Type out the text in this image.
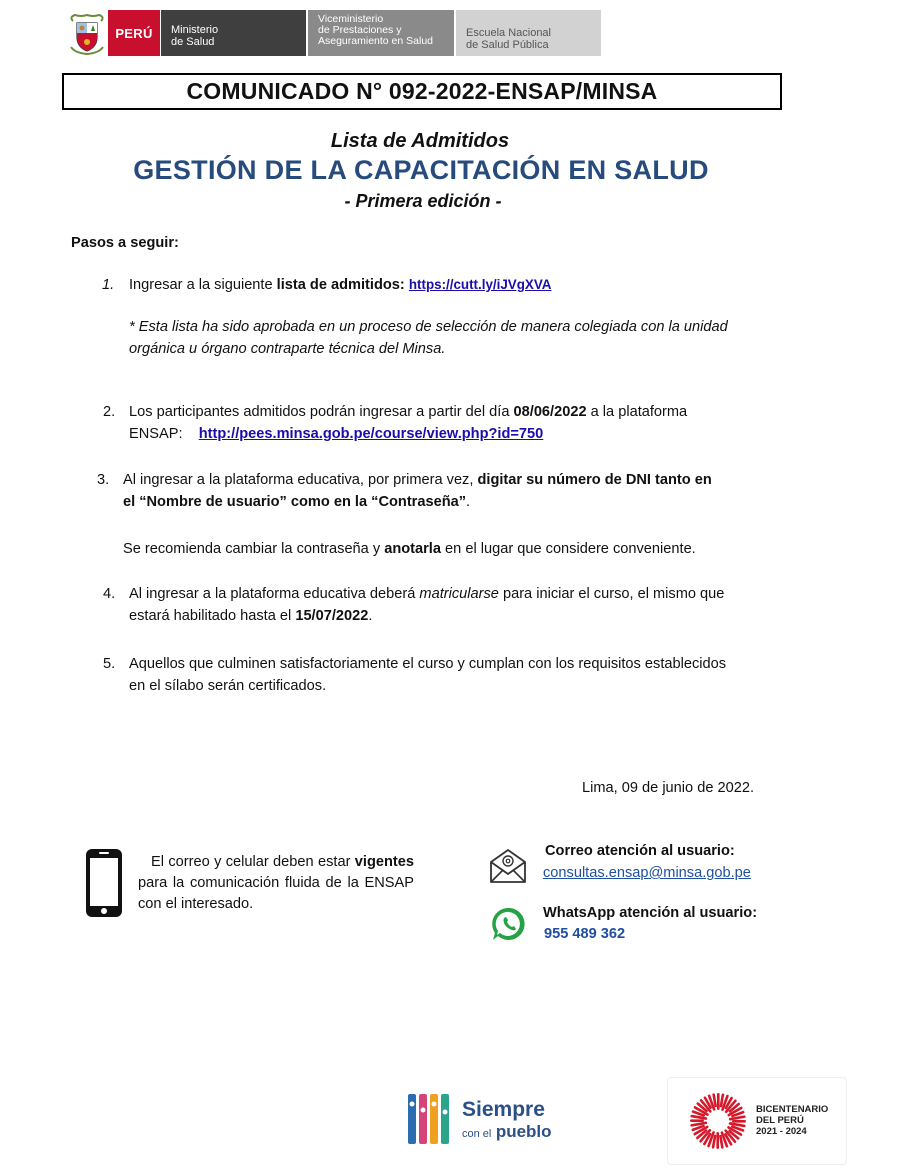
PERÚ	Ministerio
de Salud
Viceministerio
de Prestaciones y
Aseguramiento en Salud
Escuela Nacional
de Salud Pública
COMUNICADO N° 092-2022-ENSAP/MINSA
Lista de Admitidos
GESTIÓN DE LA CAPACITACIÓN EN SALUD
- Primera edición -
Pasos a seguir:
1. Ingresar a la siguiente lista de admitidos: https://cutt.ly/iJVgXVA
* Esta lista ha sido aprobada en un proceso de selección de manera colegiada con la unidad
orgánica u órgano contraparte técnica del Minsa.
2. Los participantes admitidos podrán ingresar a partir del día 08/06/2022 a la plataforma
ENSAP: http://pees.minsa.gob.pe/course/view.php?id=750
3. Al ingresar a la plataforma educativa, por primera vez, digitar su número de DNI tanto en
el “Nombre de usuario” como en la “Contraseña”.
Se recomienda cambiar la contraseña y anotarla en el lugar que considere conveniente.
4. Al ingresar a la plataforma educativa deberá matricularse para iniciar el curso, el mismo que
estará habilitado hasta el 15/07/2022.
5. Aquellos que culminen satisfactoriamente el curso y cumplan con los requisitos establecidos
en el sílabo serán certificados.
Lima, 09 de junio de 2022.
El correo y celular deben estar vigentes para la comunicación fluida de la ENSAP con el interesado.
Correo atención al usuario:
consultas.ensap@minsa.gob.pe
WhatsApp atención al usuario:
955 489 362
Siempre
con el pueblo
BICENTENARIO
DEL PERÚ
2021 - 2024
